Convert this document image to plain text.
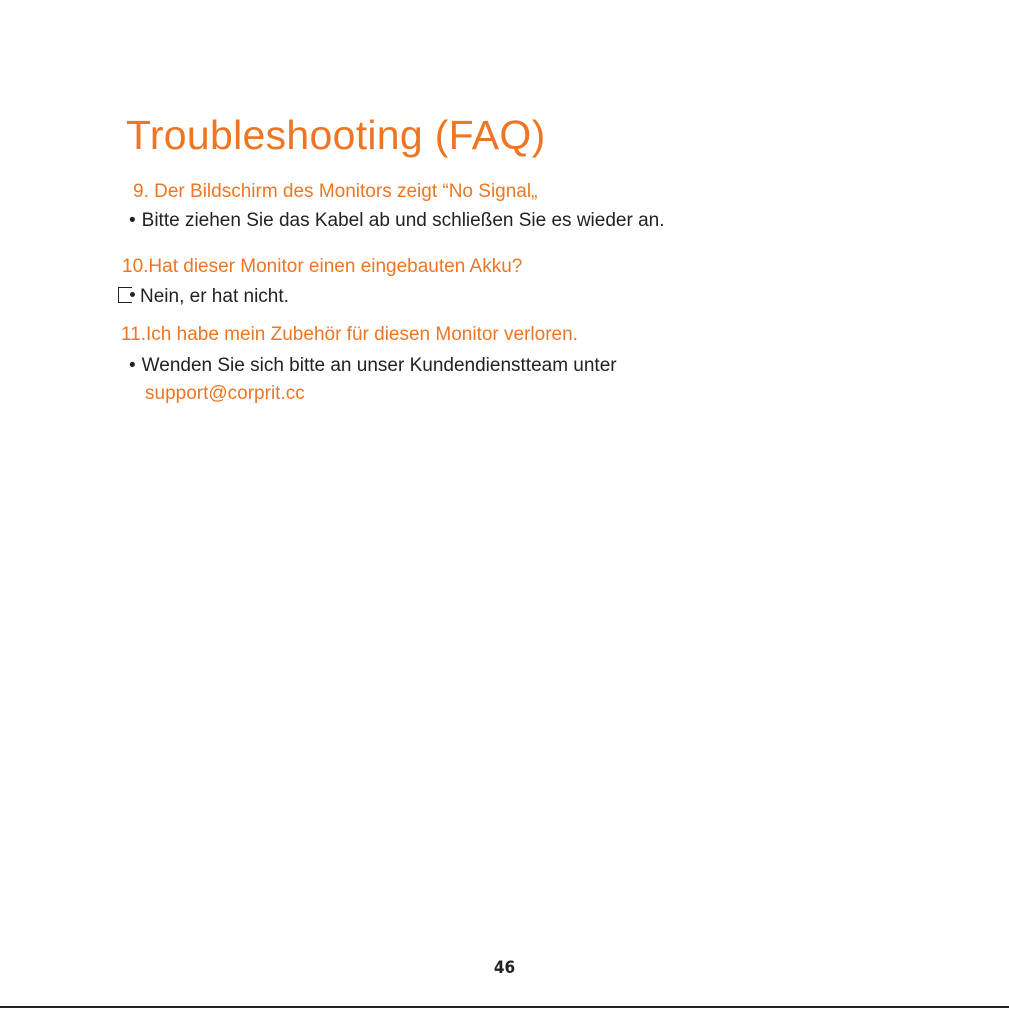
Troubleshooting (FAQ)
9. Der Bildschirm des Monitors zeigt “No Signal„
• Bitte ziehen Sie das Kabel ab und schließen Sie es wieder an.
10.Hat dieser Monitor einen eingebauten Akku?
Nein, er hat nicht.
11.Ich habe mein Zubehör für diesen Monitor verloren.
• Wenden Sie sich bitte an unser Kundendienstteam unter
support@corprit.cc
46
